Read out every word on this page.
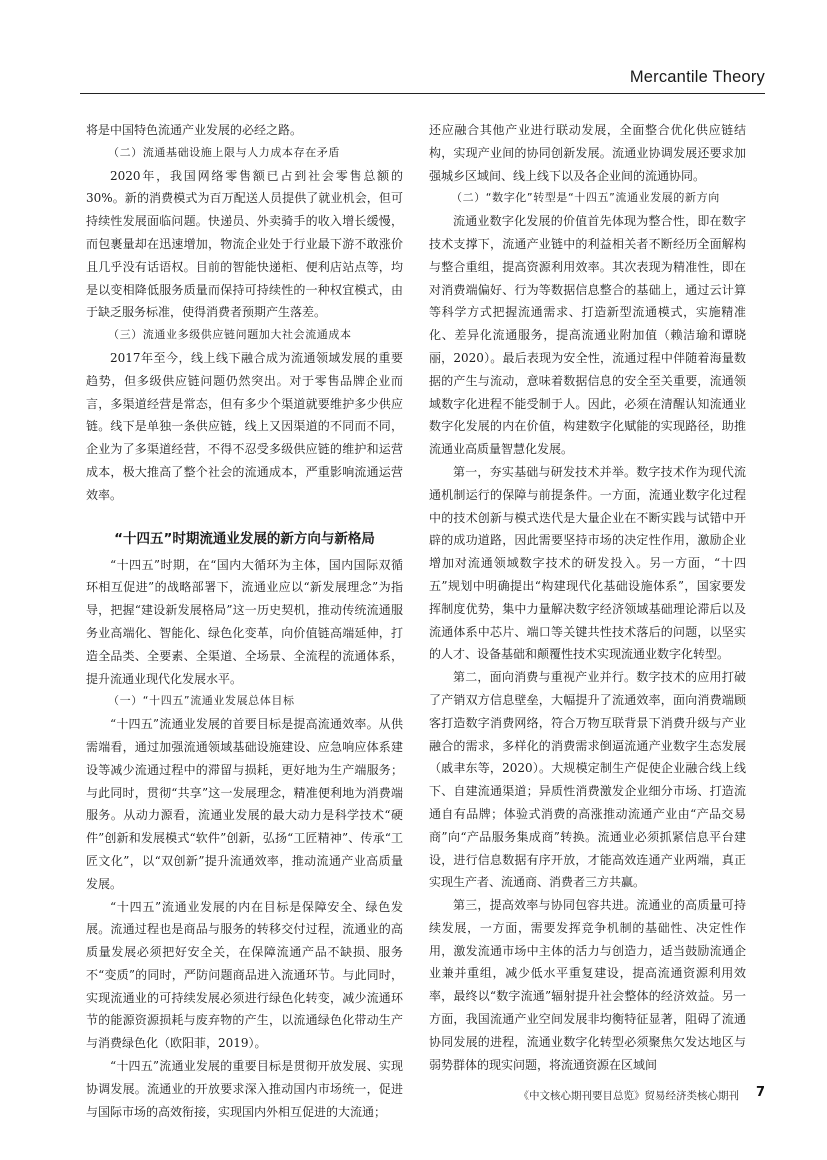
Mercantile Theory

将是中国特色流通产业发展的必经之路。

（二）流通基础设施上限与人力成本存在矛盾

2020年，我国网络零售额已占到社会零售总额的30%。新的消费模式为百万配送人员提供了就业机会，但可持续性发展面临问题。快递员、外卖骑手的收入增长缓慢，而包裹量却在迅速增加，物流企业处于行业最下游不敢涨价且几乎没有话语权。目前的智能快递柜、便利店站点等，均是以变相降低服务质量而保持可持续性的一种权宜模式，由于缺乏服务标准，使得消费者预期产生落差。

（三）流通业多级供应链问题加大社会流通成本

2017年至今，线上线下融合成为流通领域发展的重要趋势，但多级供应链问题仍然突出。对于零售品牌企业而言，多渠道经营是常态，但有多少个渠道就要维护多少供应链。线下是单独一条供应链，线上又因渠道的不同而不同，企业为了多渠道经营，不得不忍受多级供应链的维护和运营成本，极大推高了整个社会的流通成本，严重影响流通运营效率。

“十四五”时期流通业发展的新方向与新格局

“十四五”时期，在“国内大循环为主体，国内国际双循环相互促进”的战略部署下，流通业应以“新发展理念”为指导，把握“建设新发展格局”这一历史契机，推动传统流通服务业高端化、智能化、绿色化变革，向价值链高端延伸，打造全品类、全要素、全渠道、全场景、全流程的流通体系，提升流通业现代化发展水平。

（一）“十四五”流通业发展总体目标

“十四五”流通业发展的首要目标是提高流通效率。从供需端看，通过加强流通领域基础设施建设、应急响应体系建设等减少流通过程中的滞留与损耗，更好地为生产端服务；与此同时，贯彻“共享”这一发展理念，精准便利地为消费端服务。从动力源看，流通业发展的最大动力是科学技术“硬件”创新和发展模式“软件”创新，弘扬“工匠精神”、传承“工匠文化”，以“双创新”提升流通效率，推动流通产业高质量发展。

“十四五”流通业发展的内在目标是保障安全、绿色发展。流通过程也是商品与服务的转移交付过程，流通业的高质量发展必须把好安全关，在保障流通产品不缺损、服务不“变质”的同时，严防问题商品进入流通环节。与此同时，实现流通业的可持续发展必须进行绿色化转变，减少流通环节的能源资源损耗与废弃物的产生，以流通绿色化带动生产与消费绿色化（欧阳菲，2019）。

“十四五”流通业发展的重要目标是贯彻开放发展、实现协调发展。流通业的开放要求深入推动国内市场统一，促进与国际市场的高效衔接，实现国内外相互促进的大流通；

还应融合其他产业进行联动发展，全面整合优化供应链结构，实现产业间的协同创新发展。流通业协调发展还要求加强城乡区域间、线上线下以及各企业间的流通协同。

（二）“数字化”转型是“十四五”流通业发展的新方向

流通业数字化发展的价值首先体现为整合性，即在数字技术支撑下，流通产业链中的利益相关者不断经历全面解构与整合重组，提高资源利用效率。其次表现为精准性，即在对消费端偏好、行为等数据信息整合的基础上，通过云计算等科学方式把握流通需求、打造新型流通模式，实施精准化、差异化流通服务，提高流通业附加值（赖洁瑜和谭晓丽，2020）。最后表现为安全性，流通过程中伴随着海量数据的产生与流动，意味着数据信息的安全至关重要，流通领域数字化进程不能受制于人。因此，必须在清醒认知流通业数字化发展的内在价值，构建数字化赋能的实现路径，助推流通业高质量智慧化发展。

第一，夯实基础与研发技术并举。数字技术作为现代流通机制运行的保障与前提条件。一方面，流通业数字化过程中的技术创新与模式迭代是大量企业在不断实践与试错中开辟的成功道路，因此需要坚持市场的决定性作用，激励企业增加对流通领域数字技术的研发投入。另一方面，“十四五”规划中明确提出“构建现代化基础设施体系”，国家要发挥制度优势，集中力量解决数字经济领域基础理论滞后以及流通体系中芯片、端口等关键共性技术落后的问题，以坚实的人才、设备基础和颠覆性技术实现流通业数字化转型。

第二，面向消费与重视产业并行。数字技术的应用打破了产销双方信息壁垒，大幅提升了流通效率，面向消费端顾客打造数字消费网络，符合万物互联背景下消费升级与产业融合的需求，多样化的消费需求倒逼流通产业数字生态发展（戚聿东等，2020）。大规模定制生产促使企业融合线上线下、自建流通渠道；异质性消费激发企业细分市场、打造流通自有品牌；体验式消费的高涨推动流通产业由“产品交易商”向“产品服务集成商”转换。流通业必须抓紧信息平台建设，进行信息数据有序开放，才能高效连通产业两端，真正实现生产者、流通商、消费者三方共赢。

第三，提高效率与协同包容共进。流通业的高质量可持续发展，一方面，需要发挥竞争机制的基础性、决定性作用，激发流通市场中主体的活力与创造力，适当鼓励流通企业兼并重组，减少低水平重复建设，提高流通资源利用效率，最终以“数字流通”辐射提升社会整体的经济效益。另一方面，我国流通产业空间发展非均衡特征显著，阻碍了流通协同发展的进程，流通业数字化转型必须聚焦欠发达地区与弱势群体的现实问题，将流通资源在区域间

《中文核心期刊要目总览》贸易经济类核心期刊 7
